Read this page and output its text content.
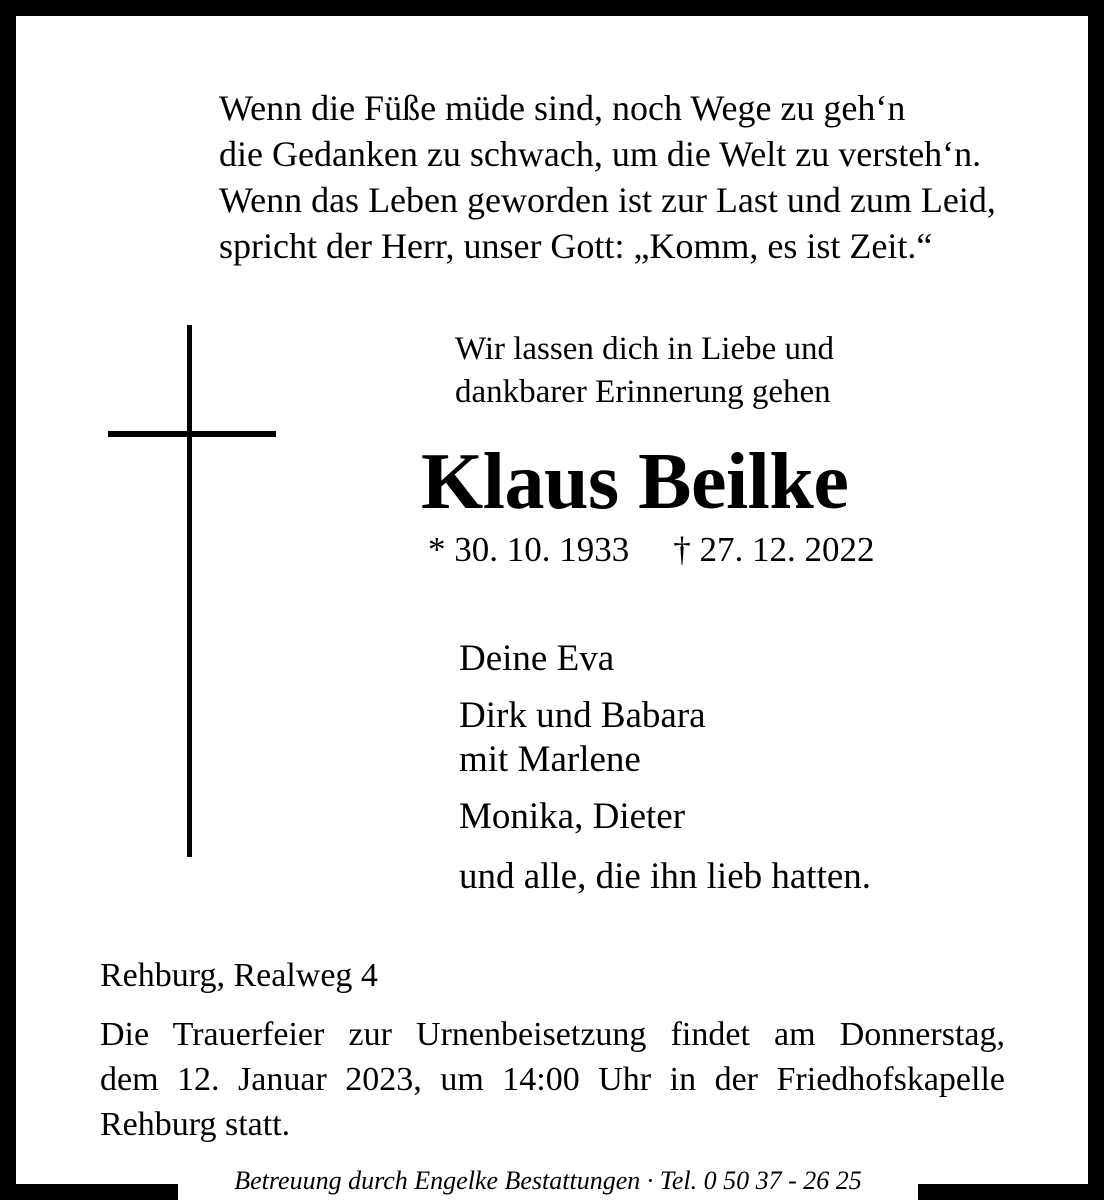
Wenn die Füße müde sind, noch Wege zu geh‘n
die Gedanken zu schwach, um die Welt zu versteh‘n.
Wenn das Leben geworden ist zur Last und zum Leid,
spricht der Herr, unser Gott: „Komm, es ist Zeit.“
Wir lassen dich in Liebe und
dankbarer Erinnerung gehen
Klaus Beilke
* 30. 10. 1933 † 27. 12. 2022
Deine Eva
Dirk und Babara
mit Marlene
Monika, Dieter
und alle, die ihn lieb hatten.
Rehburg, Realweg 4
Die Trauerfeier zur Urnenbeisetzung findet am Donnerstag,
dem 12. Januar 2023, um 14:00 Uhr in der Friedhofskapelle
Rehburg statt.
Betreuung durch Engelke Bestattungen · Tel. 0 50 37 - 26 25
